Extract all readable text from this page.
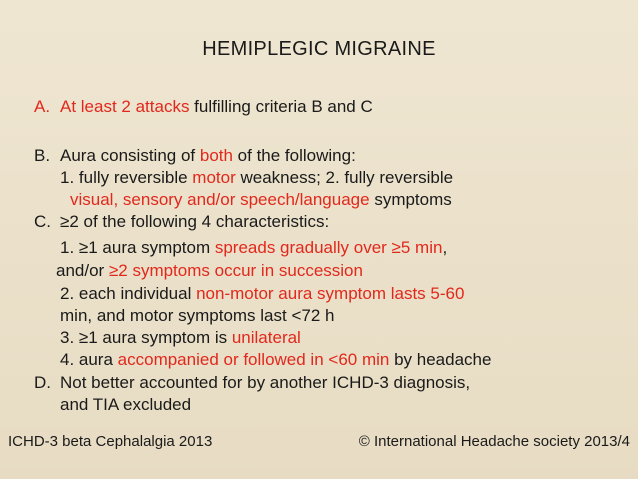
HEMIPLEGIC MIGRAINE
A. At least 2 attacks fulfilling criteria B and C
B. Aura consisting of both of the following:
1. fully reversible motor weakness; 2. fully reversible
visual, sensory and/or speech/language symptoms
C. ≥2 of the following 4 characteristics:
1. ≥1 aura symptom spreads gradually over ≥5 min,
and/or ≥2 symptoms occur in succession
2. each individual non-motor aura symptom lasts 5-60
min, and motor symptoms last <72 h
3. ≥1 aura symptom is unilateral
4. aura accompanied or followed in <60 min by headache
D. Not better accounted for by another ICHD-3 diagnosis,
and TIA excluded
ICHD-3 beta Cephalalgia 2013	© International Headache society 2013/4
